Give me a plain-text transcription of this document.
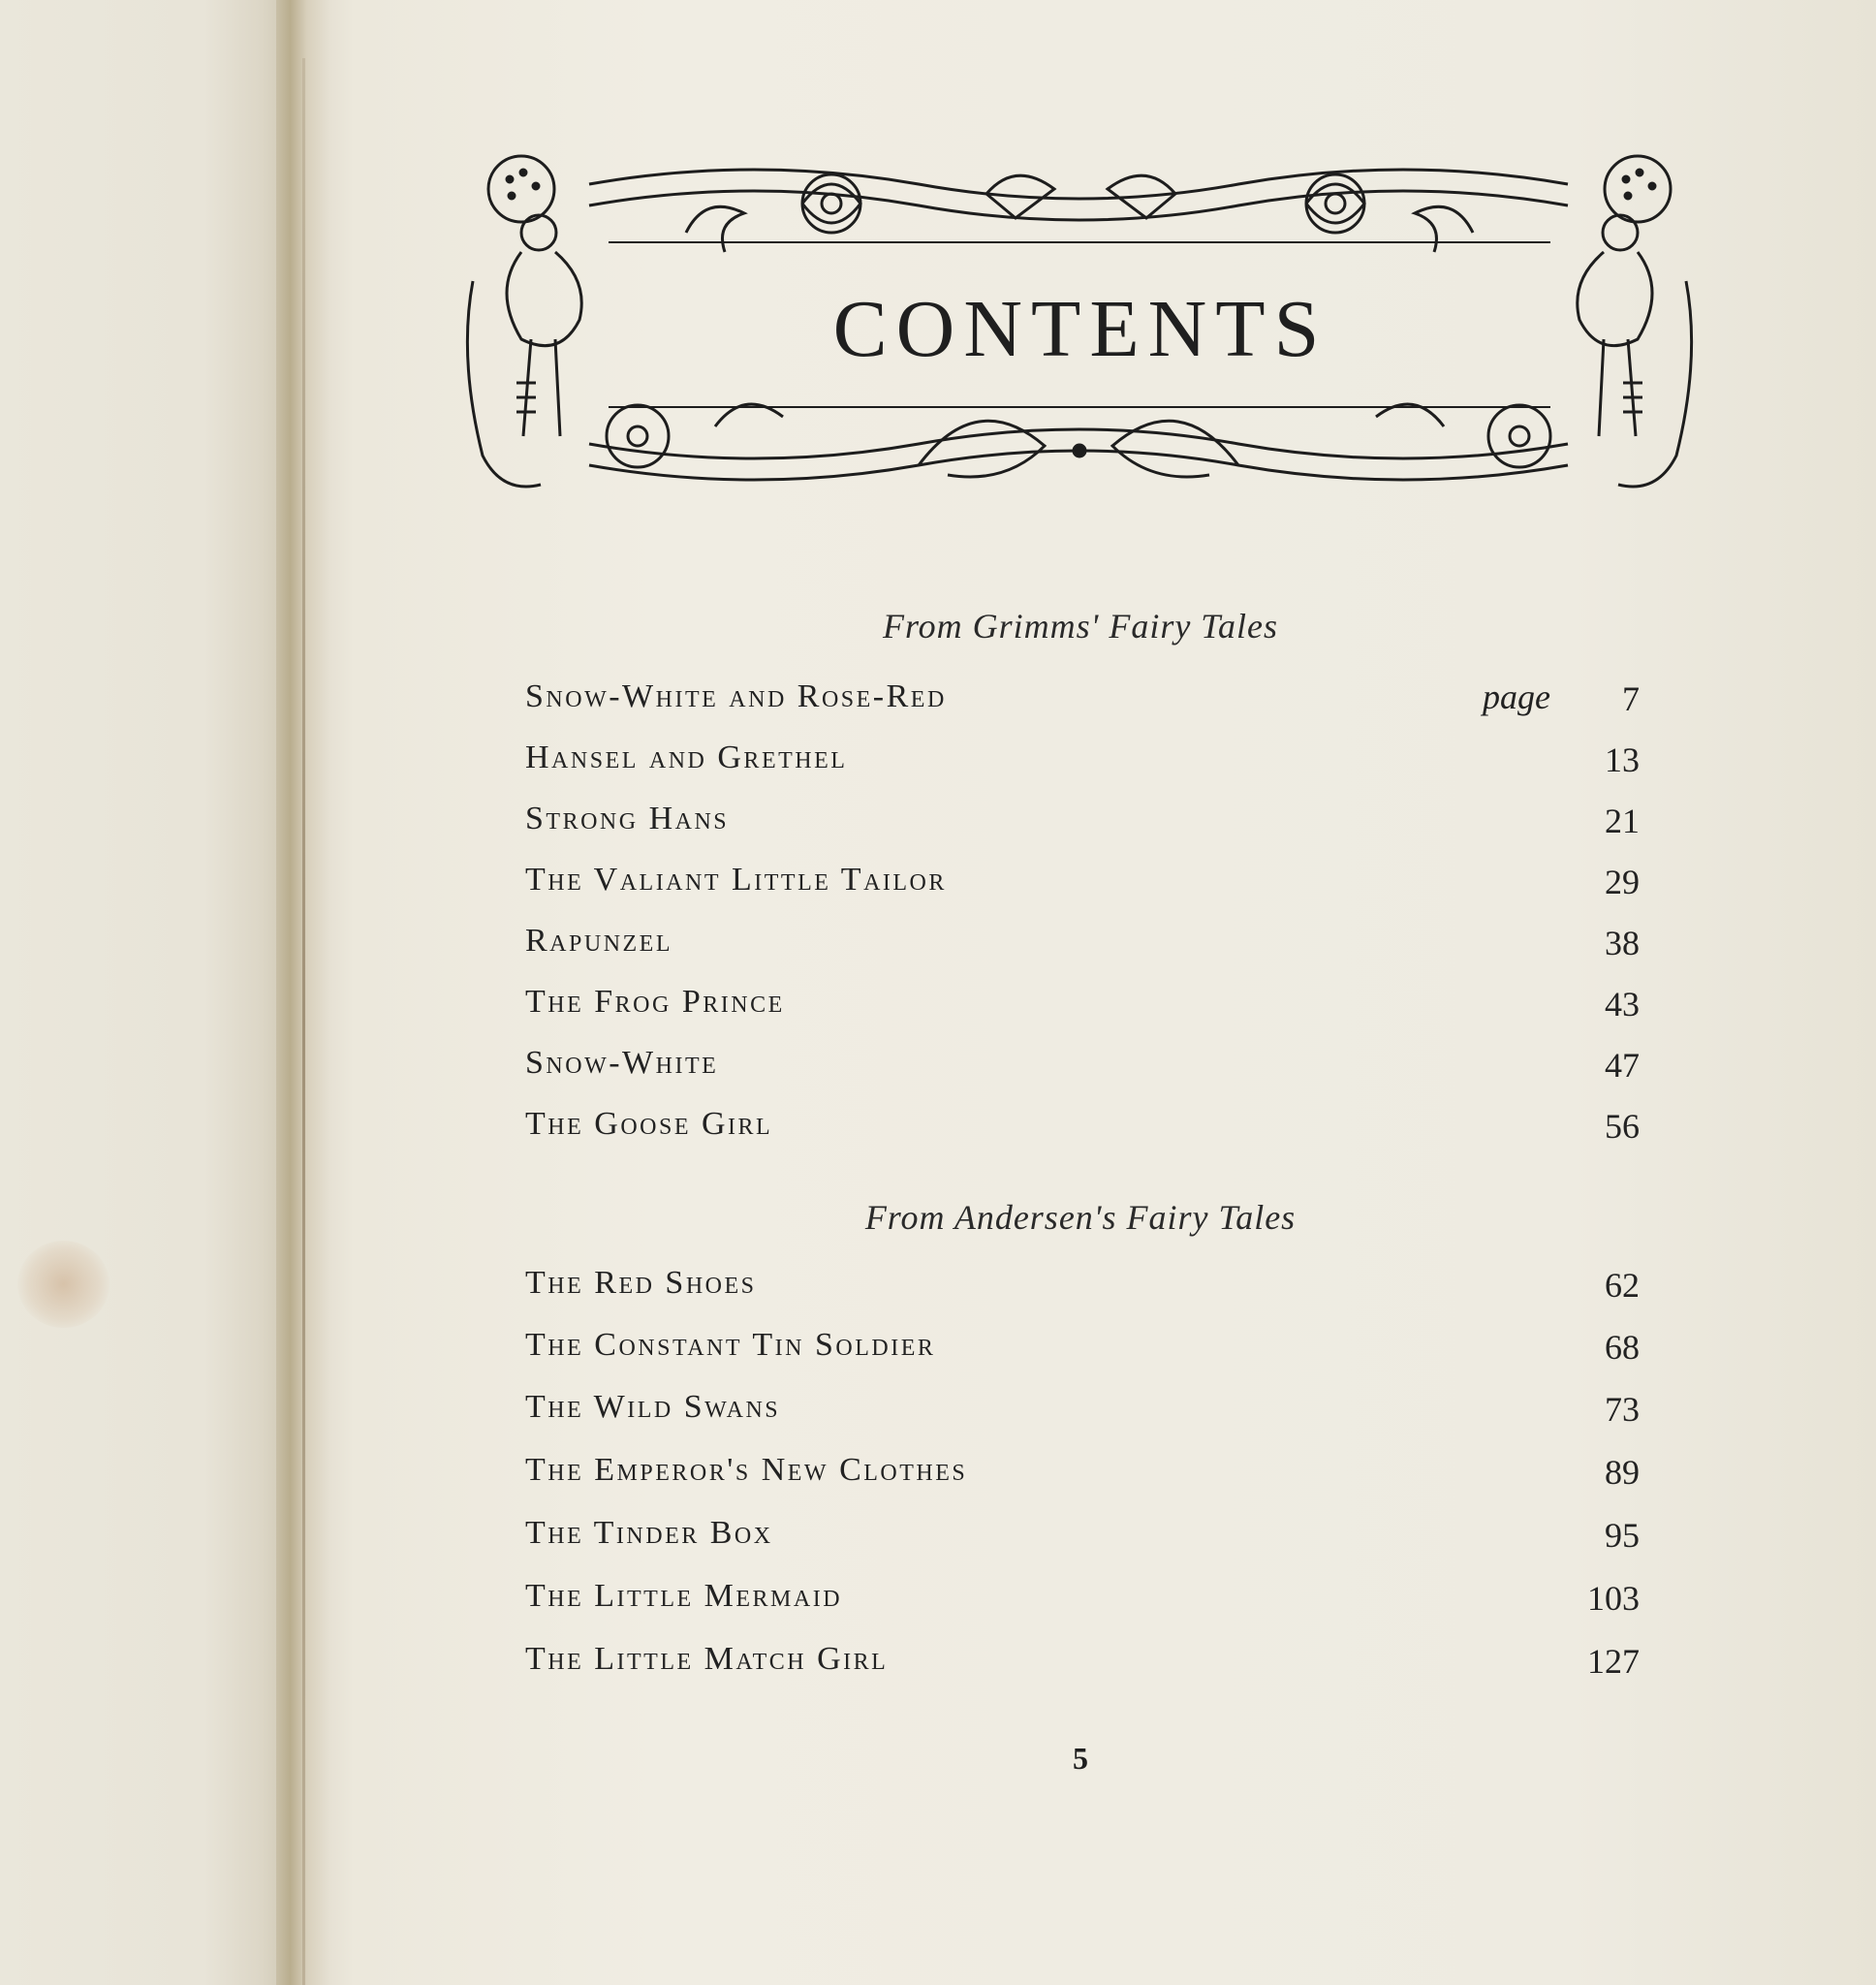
CONTENTS
From Grimms' Fairy Tales
Snow-White and Rose-Red	page 7
Hansel and Grethel	13
Strong Hans	21
The Valiant Little Tailor	29
Rapunzel	38
The Frog Prince	43
Snow-White	47
The Goose Girl	56
From Andersen's Fairy Tales
The Red Shoes	62
The Constant Tin Soldier	68
The Wild Swans	73
The Emperor's New Clothes	89
The Tinder Box	95
The Little Mermaid	103
The Little Match Girl	127
5
